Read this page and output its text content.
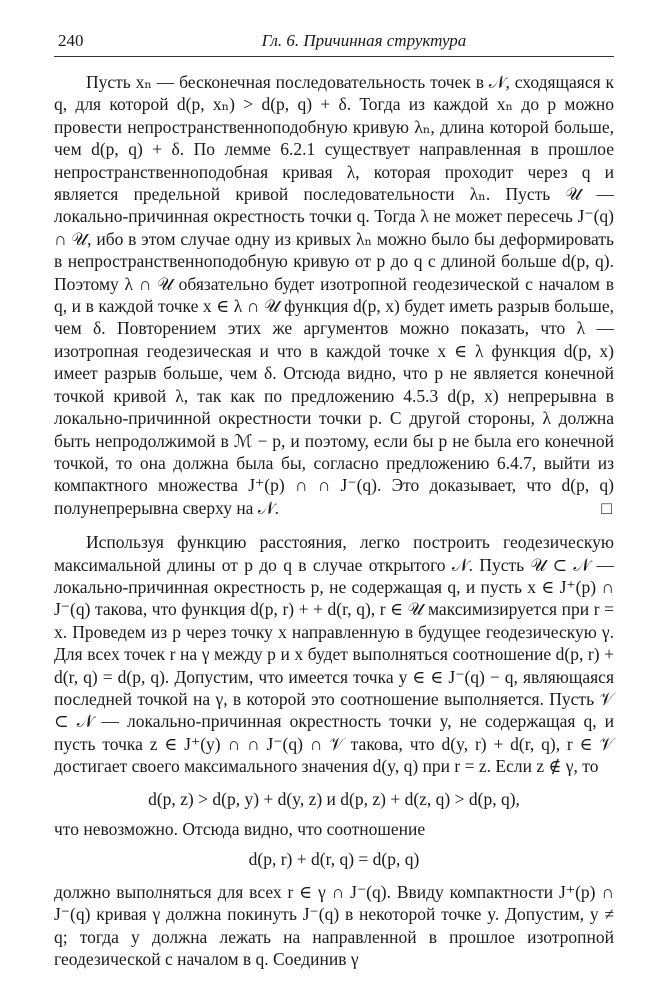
240	Гл. 6. Причинная структура

Пусть xₙ — бесконечная последовательность точек в 𝒩, сходящаяся к q, для которой d(p, xₙ) > d(p, q) + δ. Тогда из каждой xₙ до p можно провести непространственноподобную кривую λₙ, длина которой больше, чем d(p, q) + δ. По лемме 6.2.1 существует направленная в прошлое непространственноподобная кривая λ, которая проходит через q и является предельной кривой последовательности λₙ. Пусть 𝒰 — локально-причинная окрестность точки q. Тогда λ не может пересечь J⁻(q) ∩ 𝒰, ибо в этом случае одну из кривых λₙ можно было бы деформировать в непространственноподобную кривую от p до q с длиной больше d(p, q). Поэтому λ ∩ 𝒰 обязательно будет изотропной геодезической с началом в q, и в каждой точке x ∈ λ ∩ 𝒰 функция d(p, x) будет иметь разрыв больше, чем δ. Повторением этих же аргументов можно показать, что λ — изотропная геодезическая и что в каждой точке x ∈ λ функция d(p, x) имеет разрыв больше, чем δ. Отсюда видно, что p не является конечной точкой кривой λ, так как по предложению 4.5.3 d(p, x) непрерывна в локально-причинной окрестности точки p. С другой стороны, λ должна быть непродолжимой в ℳ − p, и поэтому, если бы p не была его конечной точкой, то она должна была бы, согласно предложению 6.4.7, выйти из компактного множества J⁺(p) ∩ ∩ J⁻(q). Это доказывает, что d(p, q) полунепрерывна сверху на 𝒩.	□

Используя функцию расстояния, легко построить геодезическую максимальной длины от p до q в случае открытого 𝒩. Пусть 𝒰 ⊂ 𝒩 — локально-причинная окрестность p, не содержащая q, и пусть x ∈ J⁺(p) ∩ J⁻(q) такова, что функция d(p, r) + + d(r, q), r ∈ 𝒰 максимизируется при r = x. Проведем из p через точку x направленную в будущее геодезическую γ. Для всех точек r на γ между p и x будет выполняться соотношение d(p, r) + d(r, q) = d(p, q). Допустим, что имеется точка y ∈ ∈ J⁻(q) − q, являющаяся последней точкой на γ, в которой это соотношение выполняется. Пусть 𝒱 ⊂ 𝒩 — локально-причинная окрестность точки y, не содержащая q, и пусть точка z ∈ J⁺(y) ∩ ∩ J⁻(q) ∩ 𝒱 такова, что d(y, r) + d(r, q), r ∈ 𝒱 достигает своего максимального значения d(y, q) при r = z. Если z ∉ γ, то

d(p, z) > d(p, y) + d(y, z) и d(p, z) + d(z, q) > d(p, q),

что невозможно. Отсюда видно, что соотношение

d(p, r) + d(r, q) = d(p, q)

должно выполняться для всех r ∈ γ ∩ J⁻(q). Ввиду компактности J⁺(p) ∩ J⁻(q) кривая γ должна покинуть J⁻(q) в некоторой точке y. Допустим, y ≠ q; тогда y должна лежать на направленной в прошлое изотропной геодезической с началом в q. Соединив γ
